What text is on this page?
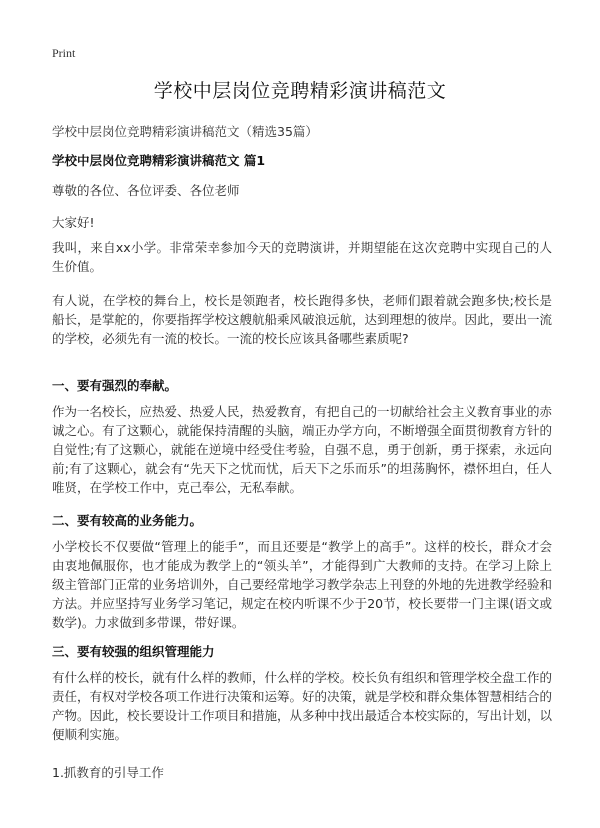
Print
学校中层岗位竞聘精彩演讲稿范文

学校中层岗位竞聘精彩演讲稿范文（精选35篇）

学校中层岗位竞聘精彩演讲稿范文 篇1

尊敬的各位、各位评委、各位老师

大家好!

我叫，来自xx小学。非常荣幸参加今天的竞聘演讲，并期望能在这次竞聘中实现自己的人生价值。

有人说，在学校的舞台上，校长是领跑者，校长跑得多快，老师们跟着就会跑多快;校长是船长，是掌舵的，你要指挥学校这艘航船乘风破浪远航，达到理想的彼岸。因此，要出一流的学校，必须先有一流的校长。一流的校长应该具备哪些素质呢?

一、要有强烈的奉献。

作为一名校长，应热爱、热爱人民，热爱教育，有把自己的一切献给社会主义教育事业的赤诚之心。有了这颗心，就能保持清醒的头脑，端正办学方向，不断增强全面贯彻教育方针的自觉性;有了这颗心，就能在逆境中经受住考验，自强不息，勇于创新，勇于探索，永远向前;有了这颗心，就会有“先天下之忧而忧，后天下之乐而乐”的坦荡胸怀，襟怀坦白，任人唯贤，在学校工作中，克己奉公，无私奉献。

二、要有较高的业务能力。

小学校长不仅要做“管理上的能手”，而且还要是“教学上的高手”。这样的校长，群众才会由衷地佩服你，也才能成为教学上的“领头羊”，才能得到广大教师的支持。在学习上除上级主管部门正常的业务培训外，自己要经常地学习教学杂志上刊登的外地的先进教学经验和方法。并应坚持写业务学习笔记，规定在校内听课不少于20节，校长要带一门主课(语文或数学)。力求做到多带课，带好课。

三、要有较强的组织管理能力

有什么样的校长，就有什么样的教师，什么样的学校。校长负有组织和管理学校全盘工作的责任，有权对学校各项工作进行决策和运筹。好的决策，就是学校和群众集体智慧相结合的产物。因此，校长要设计工作项目和措施，从多种中找出最适合本校实际的，写出计划，以便顺利实施。

1.抓教育的引导工作
